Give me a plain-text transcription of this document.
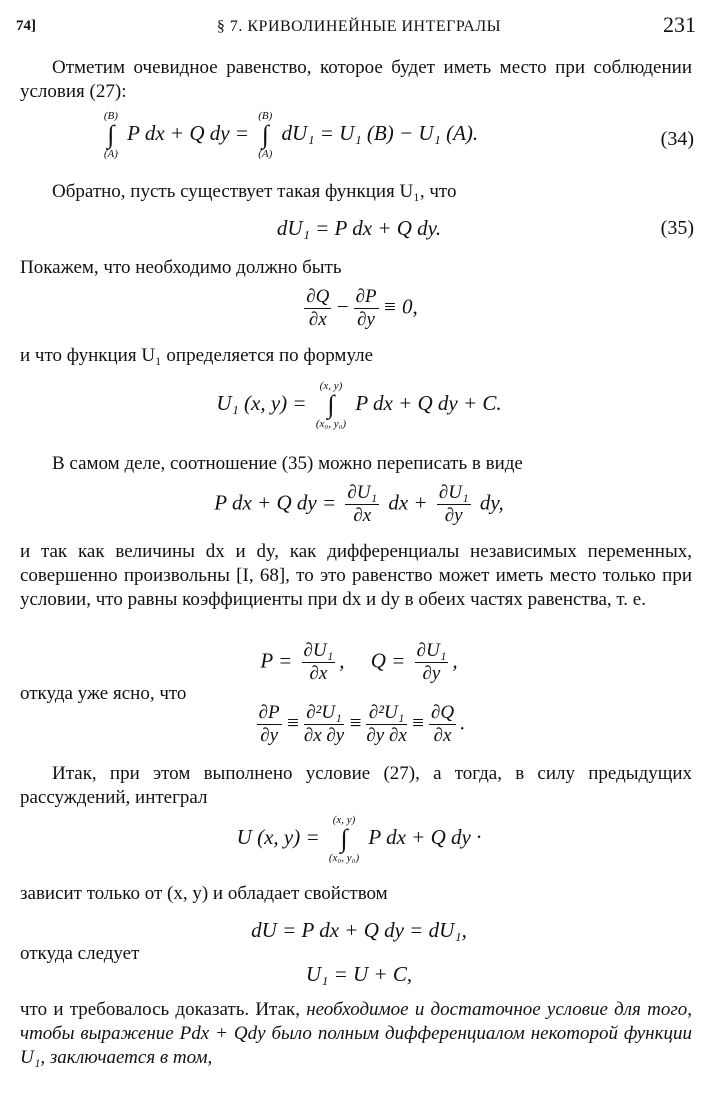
74]	§ 7. КРИВОЛИНЕЙНЫЕ ИНТЕГРАЛЫ	231
Отметим очевидное равенство, которое будет иметь место при соблюдении условия (27):
(B)
∫
(A) P dx + Q dy = (B)
∫
(A) dU₁ = U₁ (B) − U₁ (A).	(34)
Обратно, пусть существует такая функция U₁, что
dU₁ = P dx + Q dy.	(35)
Покажем, что необходимо должно быть
$\frac{\partial Q}{\partial x} - \frac{\partial P}{\partial y} \equiv 0$,
и что функция U₁ определяется по формуле
U₁ (x, y) = (x, y)
∫
(x₀, y₀) P dx + Q dy + C.
В самом деле, соотношение (35) можно переписать в виде
P dx + Q dy = $\frac{\text{∂U₁}}{\partial x}$ dx + $\frac{\text{∂U₁}}{\partial y}$ dy,
и так как величины dx и dy, как дифференциалы независимых переменных, совершенно произвольны [I, 68], то это равенство может иметь место только при условии, что равны коэффициенты при dx и dy в обеих частях равенства, т. е.
$P = \frac{\text{∂U₁}}{\partial x}$ ,     $Q = \frac{\text{∂U₁}}{\partial y}$ ,
откуда уже ясно, что
$\frac{\partial P}{\partial y} \equiv \frac{\text{∂²U₁}}{\partial x \partial y} \equiv \frac{\text{∂²U₁}}{\partial y \partial x} \equiv \frac{\partial Q}{\partial x}$ .
Итак, при этом выполнено условие (27), а тогда, в силу предыдущих рассуждений, интеграл
U (x, y) = (x, y)
∫
(x₀, y₀) P dx + Q dy ·
зависит только от (x, y) и обладает свойством
dU = P dx + Q dy = dU₁,
откуда следует
U₁ = U + C,
что и требовалось доказать. Итак, необходимое и достаточное условие для того, чтобы выражение Pdx + Qdy было полным дифференциалом некоторой функции U₁, заключается в том,
